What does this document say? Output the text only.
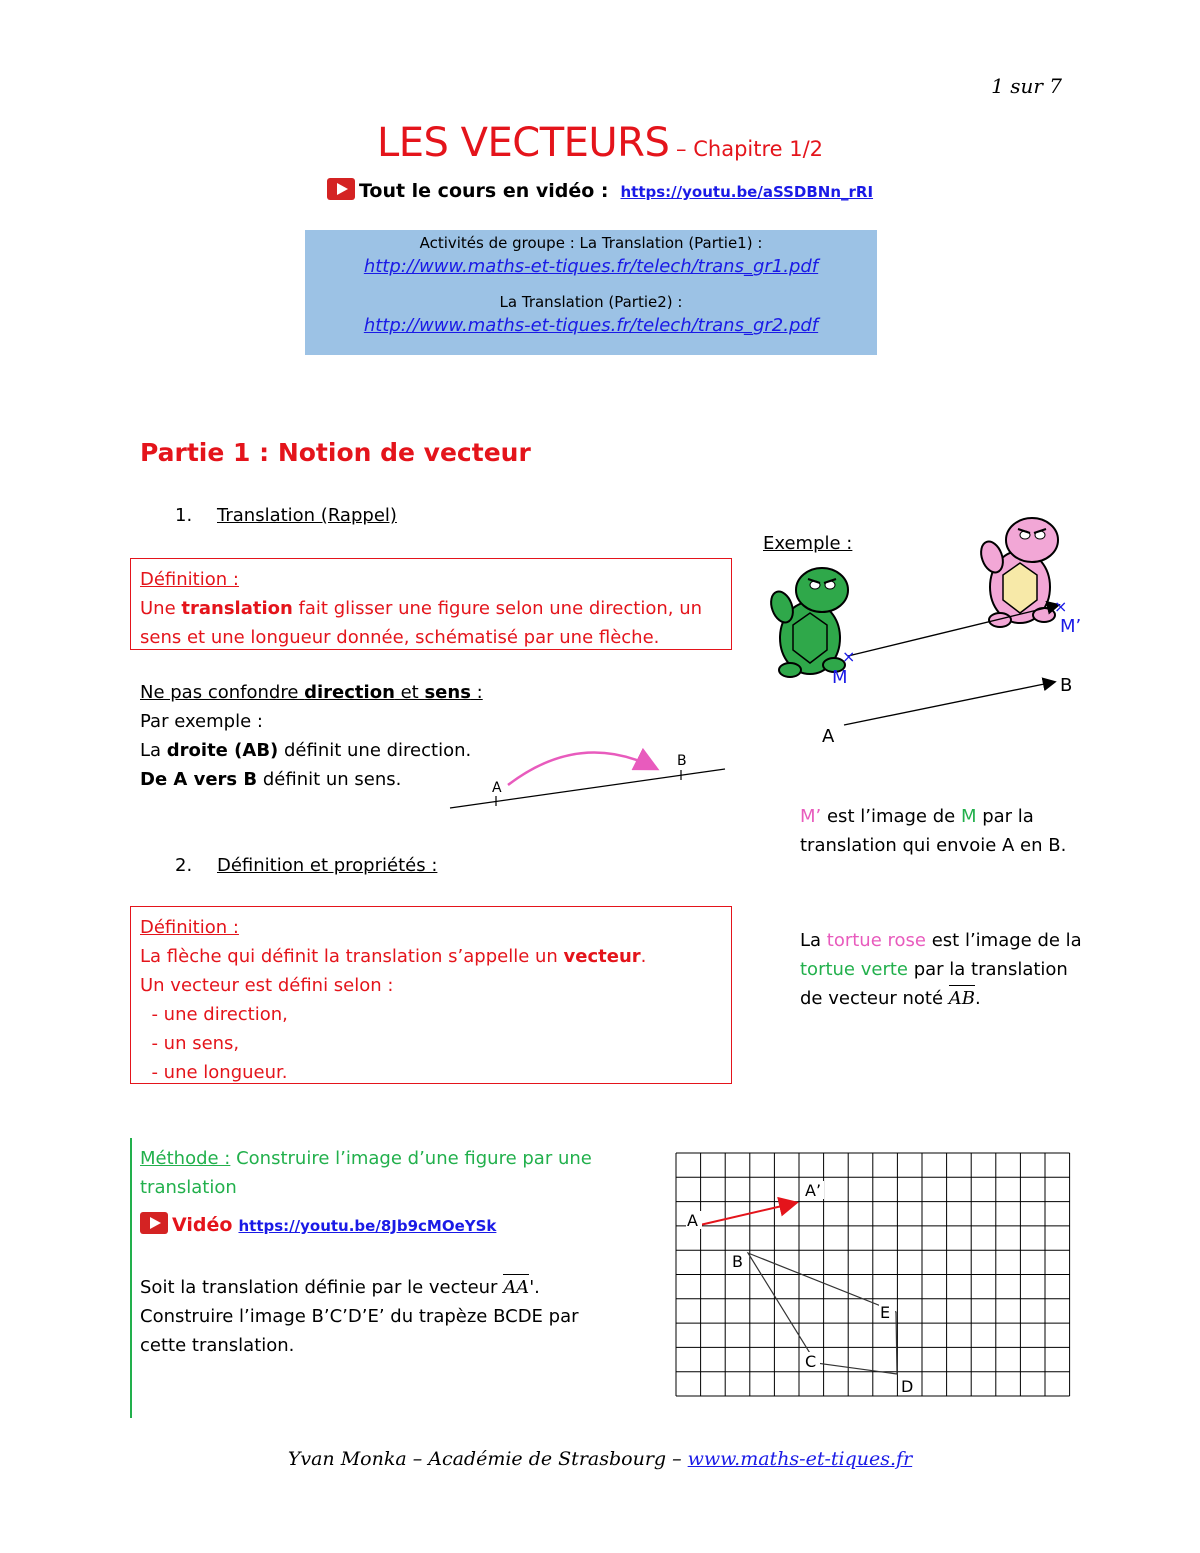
1 sur 7
LES VECTEURS – Chapitre 1/2
Tout le cours en vidéo : https://youtu.be/aSSDBNn_rRI
Activités de groupe : La Translation (Partie1) :
http://www.maths-et-tiques.fr/telech/trans_gr1.pdf
La Translation (Partie2) :
http://www.maths-et-tiques.fr/telech/trans_gr2.pdf
Partie 1 : Notion de vecteur
1. Translation (Rappel)
Définition :
Une translation fait glisser une figure selon une direction, un
sens et une longueur donnée, schématisé par une flèche.
Ne pas confondre direction et sens :
Par exemple :
La droite (AB) définit une direction.
De A vers B définit un sens.	A
B
Exemple :
×
×
M
M’
A
B
M’ est l’image de M par la
translation qui envoie A en B.
2. Définition et propriétés :
Définition :
La flèche qui définit la translation s’appelle un vecteur.
Un vecteur est défini selon :
- une direction,
- un sens,
- une longueur.
La tortue rose est l’image de la
tortue verte par la translation
de vecteur noté
AB.
Méthode : Construire l’image d’une figure par une
translation
Vidéo https://youtu.be/8Jb9cMOeYSk
Soit la translation définie par le vecteur
AA'.
Construire l’image B’C’D’E’ du trapèze BCDE par
cette translation.
A
A’
B
C
D
E
Yvan Monka – Académie de Strasbourg – www.maths-et-tiques.fr
